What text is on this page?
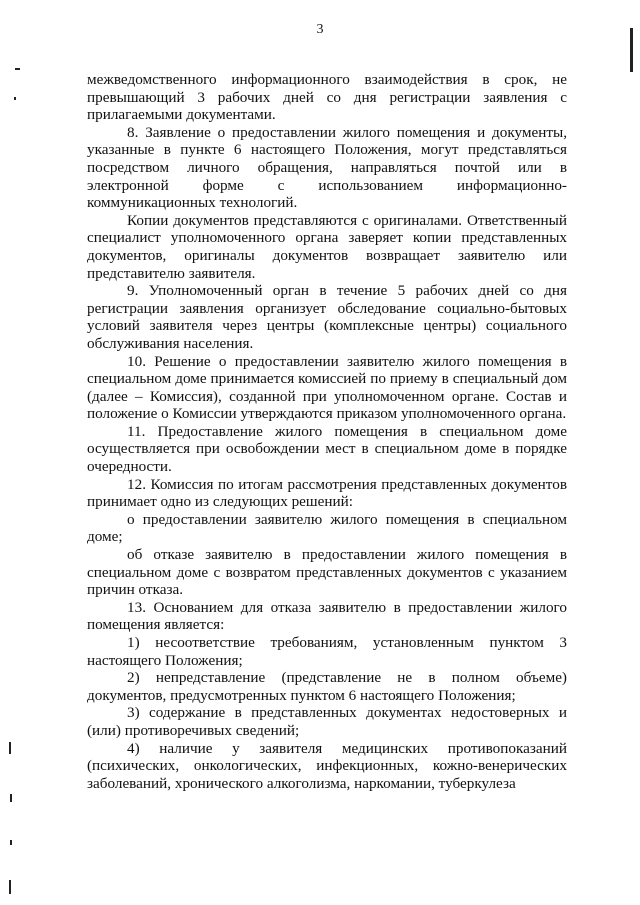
3

межведомственного информационного взаимодействия в срок, не превышающий 3 рабочих дней со дня регистрации заявления с прилагаемыми документами.

8. Заявление о предоставлении жилого помещения и документы, указанные в пункте 6 настоящего Положения, могут представляться посредством личного обращения, направляться почтой или в электронной форме с использованием информационно-коммуникационных технологий.

Копии документов представляются с оригиналами. Ответственный специалист уполномоченного органа заверяет копии представленных документов, оригиналы документов возвращает заявителю или представителю заявителя.

9. Уполномоченный орган в течение 5 рабочих дней со дня регистрации заявления организует обследование социально-бытовых условий заявителя через центры (комплексные центры) социального обслуживания населения.

10. Решение о предоставлении заявителю жилого помещения в специальном доме принимается комиссией по приему в специальный дом (далее – Комиссия), созданной при уполномоченном органе. Состав и положение о Комиссии утверждаются приказом уполномоченного органа.

11. Предоставление жилого помещения в специальном доме осуществляется при освобождении мест в специальном доме в порядке очередности.

12. Комиссия по итогам рассмотрения представленных документов принимает одно из следующих решений:

о предоставлении заявителю жилого помещения в специальном доме;

об отказе заявителю в предоставлении жилого помещения в специальном доме с возвратом представленных документов с указанием причин отказа.

13. Основанием для отказа заявителю в предоставлении жилого помещения является:

1) несоответствие требованиям, установленным пунктом 3 настоящего Положения;

2) непредставление (представление не в полном объеме) документов, предусмотренных пунктом 6 настоящего Положения;

3) содержание в представленных документах недостоверных и (или) противоречивых сведений;

4) наличие у заявителя медицинских противопоказаний (психических, онкологических, инфекционных, кожно-венерических заболеваний, хронического алкоголизма, наркомании, туберкулеза
